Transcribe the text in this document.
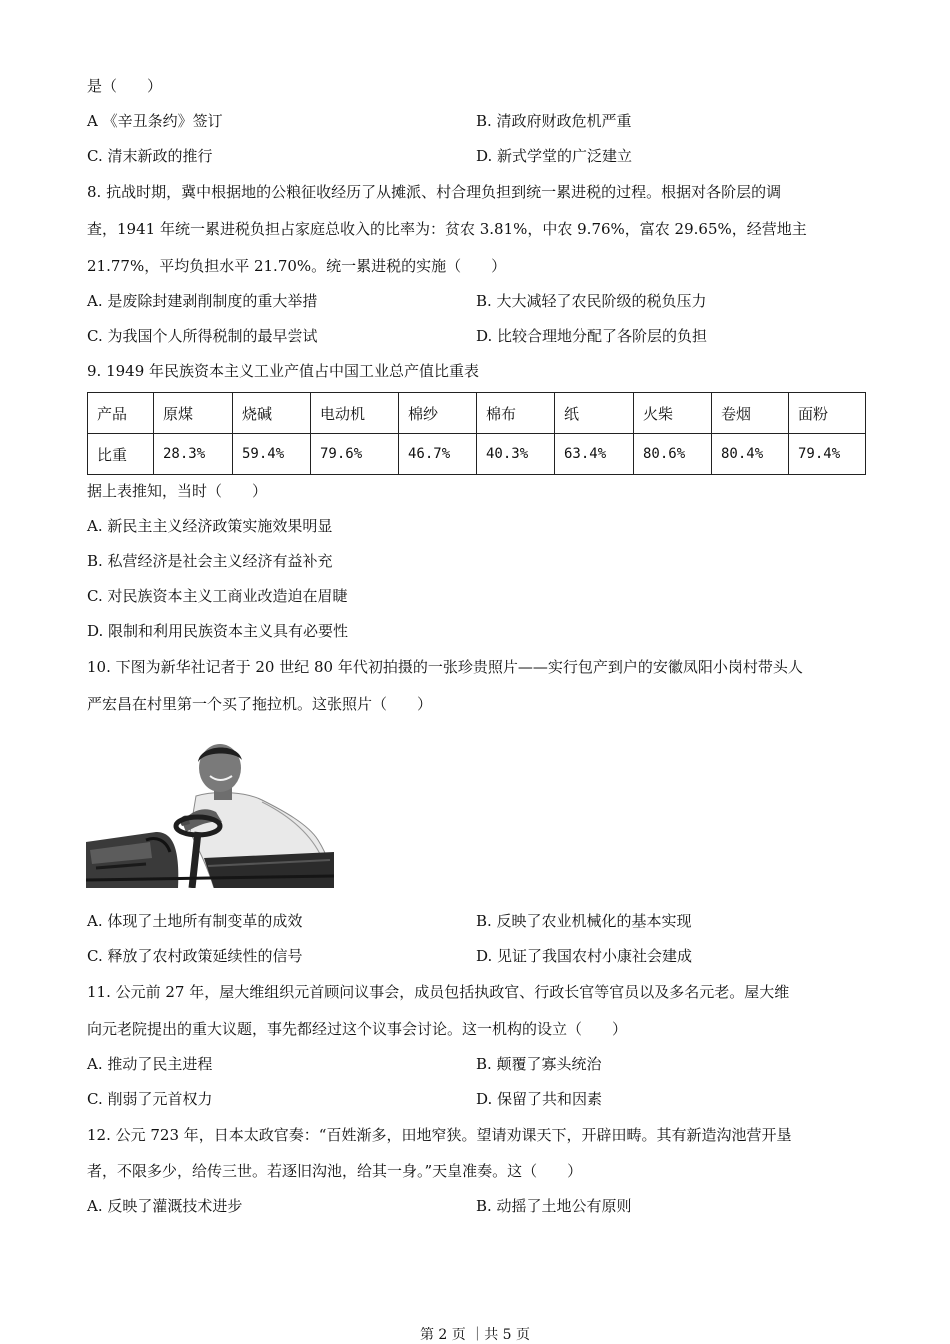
是（　　）
A 《辛丑条约》签订	B. 清政府财政危机严重
C. 清末新政的推行	D. 新式学堂的广泛建立
8. 抗战时期，冀中根据地的公粮征收经历了从摊派、村合理负担到统一累进税的过程。根据对各阶层的调
查，1941 年统一累进税负担占家庭总收入的比率为：贫农 3.81%，中农 9.76%，富农 29.65%，经营地主
21.77%，平均负担水平 21.70%。统一累进税的实施（　　）
A. 是废除封建剥削制度的重大举措	B. 大大减轻了农民阶级的税负压力
C. 为我国个人所得税制的最早尝试	D. 比较合理地分配了各阶层的负担
9. 1949 年民族资本主义工业产值占中国工业总产值比重表
产品	原煤	烧碱	电动机	棉纱	棉布	纸	火柴	卷烟	面粉
比重	28.3%	59.4%	79.6%	46.7%	40.3%	63.4%	80.6%	80.4%	79.4%
据上表推知，当时（　　）
A. 新民主主义经济政策实施效果明显
B. 私营经济是社会主义经济有益补充
C. 对民族资本主义工商业改造迫在眉睫
D. 限制和利用民族资本主义具有必要性
10. 下图为新华社记者于 20 世纪 80 年代初拍摄的一张珍贵照片——实行包产到户的安徽凤阳小岗村带头人
严宏昌在村里第一个买了拖拉机。这张照片（　　）
A. 体现了土地所有制变革的成效	B. 反映了农业机械化的基本实现
C. 释放了农村政策延续性的信号	D. 见证了我国农村小康社会建成
11. 公元前 27 年，屋大维组织元首顾问议事会，成员包括执政官、行政长官等官员以及多名元老。屋大维
向元老院提出的重大议题，事先都经过这个议事会讨论。这一机构的设立（　　）
A. 推动了民主进程	B. 颠覆了寡头统治
C. 削弱了元首权力	D. 保留了共和因素
12. 公元 723 年，日本太政官奏：“百姓渐多，田地窄狭。望请劝课天下，开辟田畴。其有新造沟池营开垦
者，不限多少，给传三世。若逐旧沟池，给其一身。”天皇准奏。这（　　）
A. 反映了灌溉技术进步	B. 动摇了土地公有原则
第 2 页 ｜共 5 页
